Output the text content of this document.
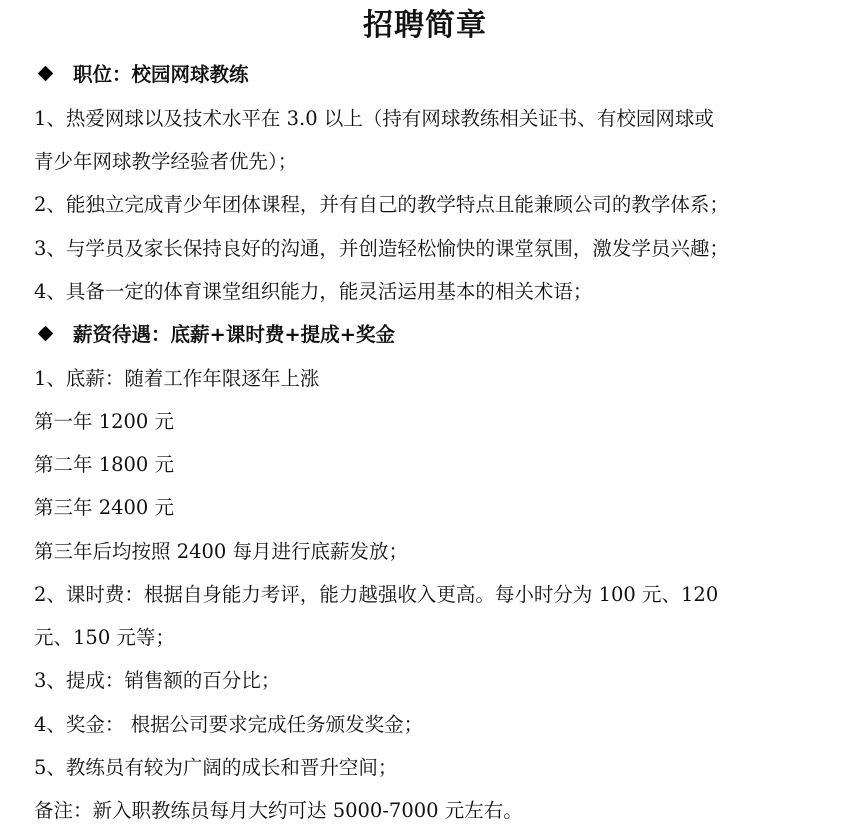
招聘简章
职位：校园网球教练
1、热爱网球以及技术水平在 3.0 以上（持有网球教练相关证书、有校园网球或
青少年网球教学经验者优先）；
2、能独立完成青少年团体课程，并有自己的教学特点且能兼顾公司的教学体系；
3、与学员及家长保持良好的沟通，并创造轻松愉快的课堂氛围，激发学员兴趣；
4、具备一定的体育课堂组织能力，能灵活运用基本的相关术语；
薪资待遇：底薪+课时费+提成+奖金
1、底薪：随着工作年限逐年上涨
第一年 1200 元
第二年 1800 元
第三年 2400 元
第三年后均按照 2400 每月进行底薪发放；
2、课时费：根据自身能力考评，能力越强收入更高。每小时分为 100 元、120
元、150 元等；
3、提成：销售额的百分比；
4、奖金： 根据公司要求完成任务颁发奖金；
5、教练员有较为广阔的成长和晋升空间；
备注：新入职教练员每月大约可达 5000-7000 元左右。
